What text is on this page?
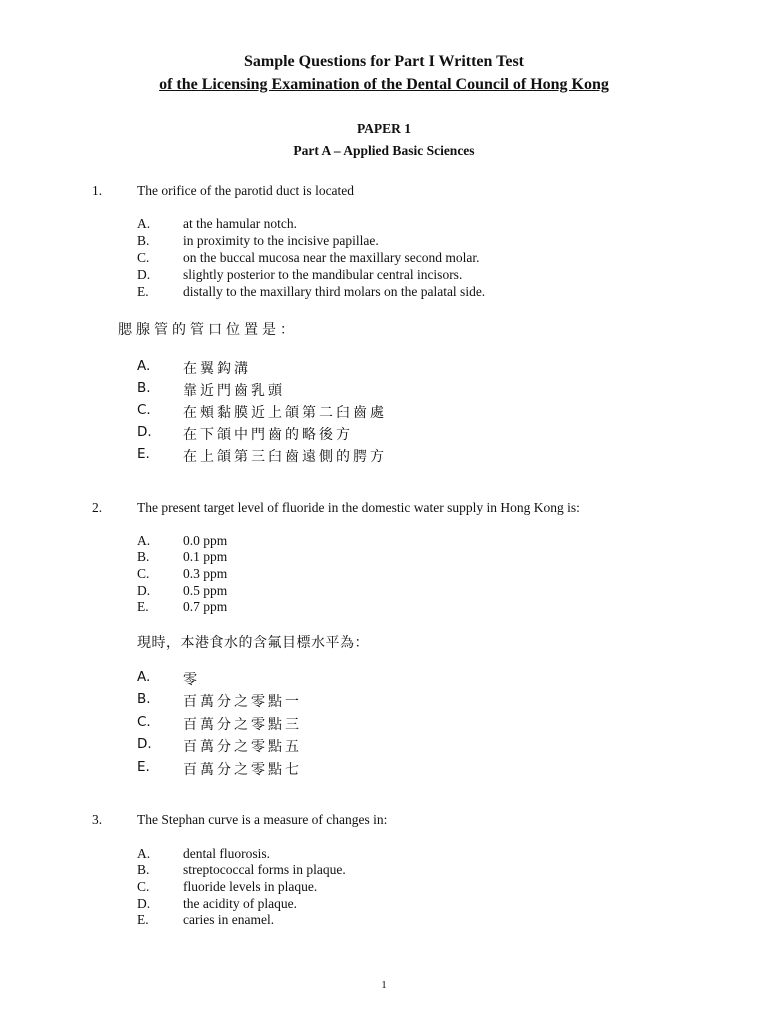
Sample Questions for Part I Written Test
of the Licensing Examination of the Dental Council of Hong Kong
PAPER 1
Part A – Applied Basic Sciences
1.	The orifice of the parotid duct is located
A. at the hamular notch.
B. in proximity to the incisive papillae.
C. on the buccal mucosa near the maxillary second molar.
D. slightly posterior to the mandibular central incisors.
E.	distally to the maxillary third molars on the palatal side.
腮腺管的管口位置是：
A. 在翼鈎溝
B. 靠近門齒乳頭
C. 在頰黏膜近上頜第二臼齒處
D. 在下頜中門齒的略後方
E. 在上頜第三臼齒遠側的腭方
2.	The present target level of fluoride in the domestic water supply in Hong Kong is:
A. 0.0 ppm
B. 0.1 ppm
C. 0.3 ppm
D. 0.5 ppm
E.	0.7 ppm
現時，本港食水的含氟目標水平為：
A. 零
B. 百萬分之零點一
C. 百萬分之零點三
D. 百萬分之零點五
E. 百萬分之零點七
3.	The Stephan curve is a measure of changes in:
A. dental fluorosis.
B. streptococcal forms in plaque.
C. fluoride levels in plaque.
D. the acidity of plaque.
E.	caries in enamel.
1
